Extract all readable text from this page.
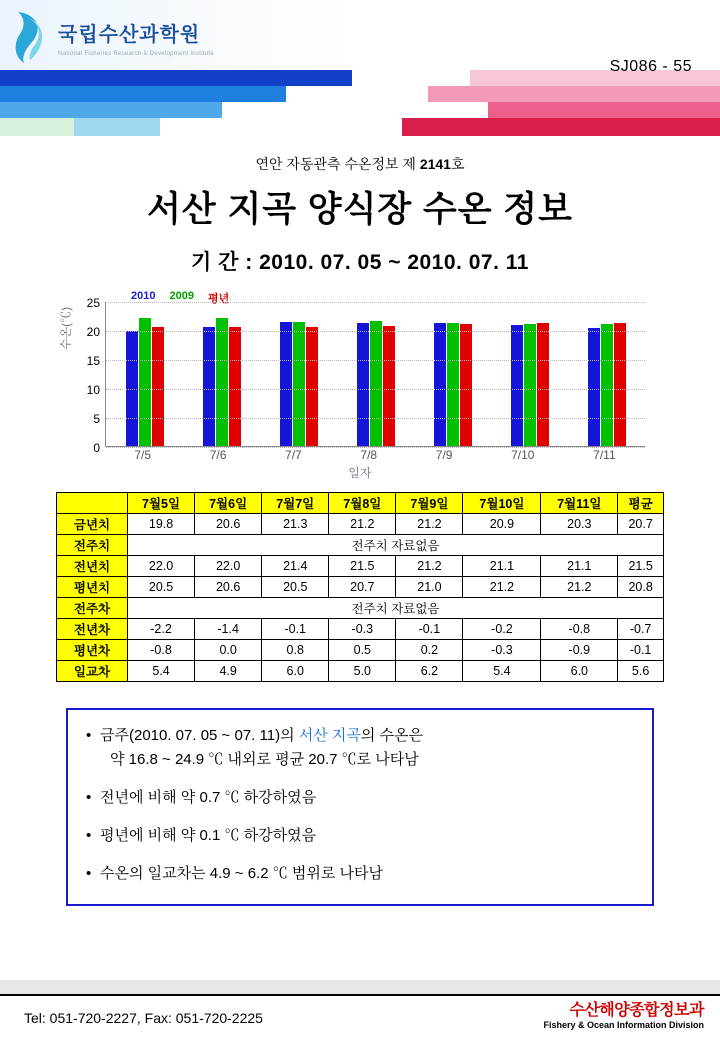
국립수산과학원
National Fisheries Research & Development Institute
SJ086 - 55
연안 자동관측 수온정보 제 2141호
서산 지곡 양식장 수온 정보
기 간 : 2010. 07. 05 ~ 2010. 07. 11
2010 2009 평년
수온(℃)
0
5
10
15
20
25
7/5	7/6	7/7	7/8	7/9	7/10	7/11
일자
	7월5일	7월6일	7월7일	7월8일	7월9일	7월10일	7월11일	평균
금년치	19.8	20.6	21.3	21.2	21.2	20.9	20.3	20.7
전주치	전주치 자료없음							
전년치	22.0	22.0	21.4	21.5	21.2	21.1	21.1	21.5
평년치	20.5	20.6	20.5	20.7	21.0	21.2	21.2	20.8
전주차	전주치 자료없음							
전년차	-2.2	-1.4	-0.1	-0.3	-0.1	-0.2	-0.8	-0.7
평년차	-0.8	0.0	0.8	0.5	0.2	-0.3	-0.9	-0.1
일교차	5.4	4.9	6.0	5.0	6.2	5.4	6.0	5.6
• 금주(2010. 07. 05 ~ 07. 11)의 서산 지곡의 수온은
약 16.8 ~ 24.9 ℃ 내외로 평균 20.7 ℃로 나타남
• 전년에 비해 약 0.7 ℃ 하강하였음
• 평년에 비해 약 0.1 ℃ 하강하였음
• 수온의 일교차는 4.9 ~ 6.2 ℃ 범위로 나타남
Tel: 051-720-2227, Fax: 051-720-2225	수산해양종합정보과
Fishery & Ocean Information Division
